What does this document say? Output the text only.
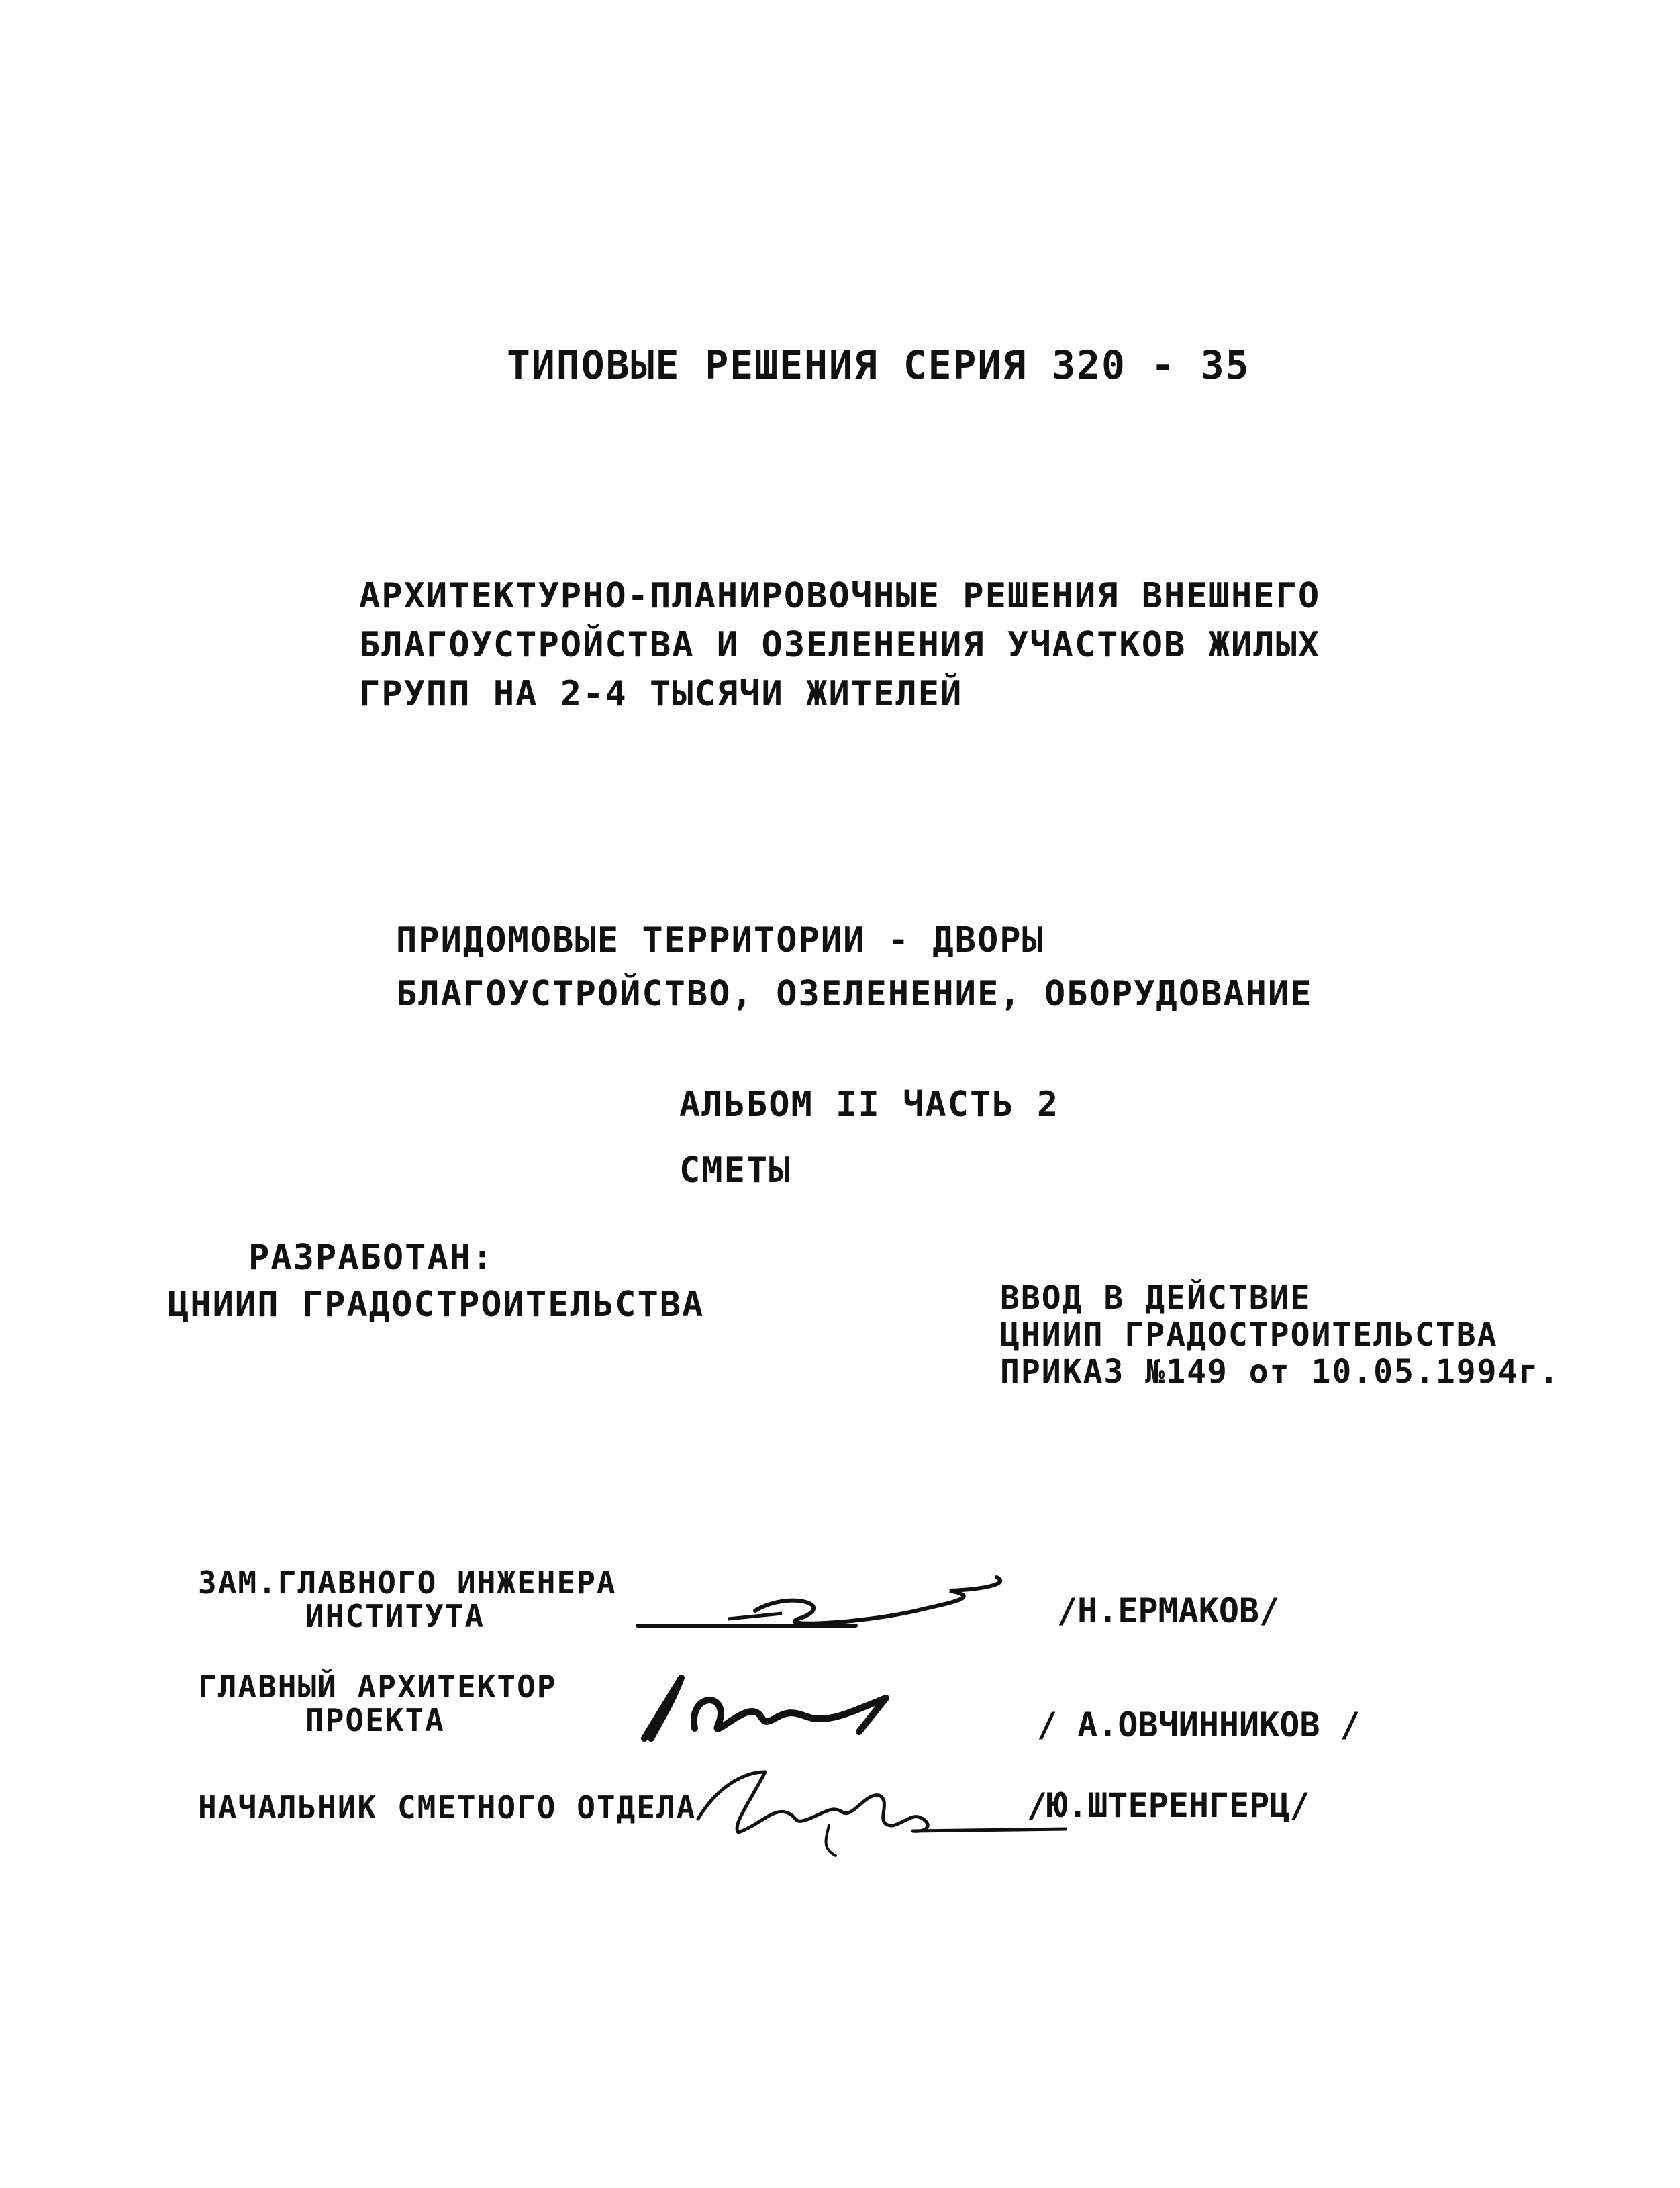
ТИПОВЫЕ РЕШЕНИЯ СЕРИЯ 320 - 35
АРХИТЕКТУРНО-ПЛАНИРОВОЧНЫЕ РЕШЕНИЯ ВНЕШНЕГО
БЛАГОУСТРОЙСТВА И ОЗЕЛЕНЕНИЯ УЧАСТКОВ ЖИЛЫХ
ГРУПП НА 2-4 ТЫСЯЧИ ЖИТЕЛЕЙ
ПРИДОМОВЫЕ ТЕРРИТОРИИ - ДВОРЫ
БЛАГОУСТРОЙСТВО, ОЗЕЛЕНЕНИЕ, ОБОРУДОВАНИЕ
АЛЬБОМ II ЧАСТЬ 2
СМЕТЫ
РАЗРАБОТАН:
ЦНИИП ГРАДОСТРОИТЕЛЬСТВА	ВВОД В ДЕЙСТВИЕ
ЦНИИП ГРАДОСТРОИТЕЛЬСТВА
ПРИКАЗ №149 от 10.05.1994г.
ЗАМ.ГЛАВНОГО ИНЖЕНЕРА
ИНСТИТУТА	/Н.ЕРМАКОВ/
ГЛАВНЫЙ АРХИТЕКТОР
ПРОЕКТА	/ А.ОВЧИННИКОВ /
НАЧАЛЬНИК СМЕТНОГО ОТДЕЛА	/Ю.ШТЕРЕНГЕРЦ/
